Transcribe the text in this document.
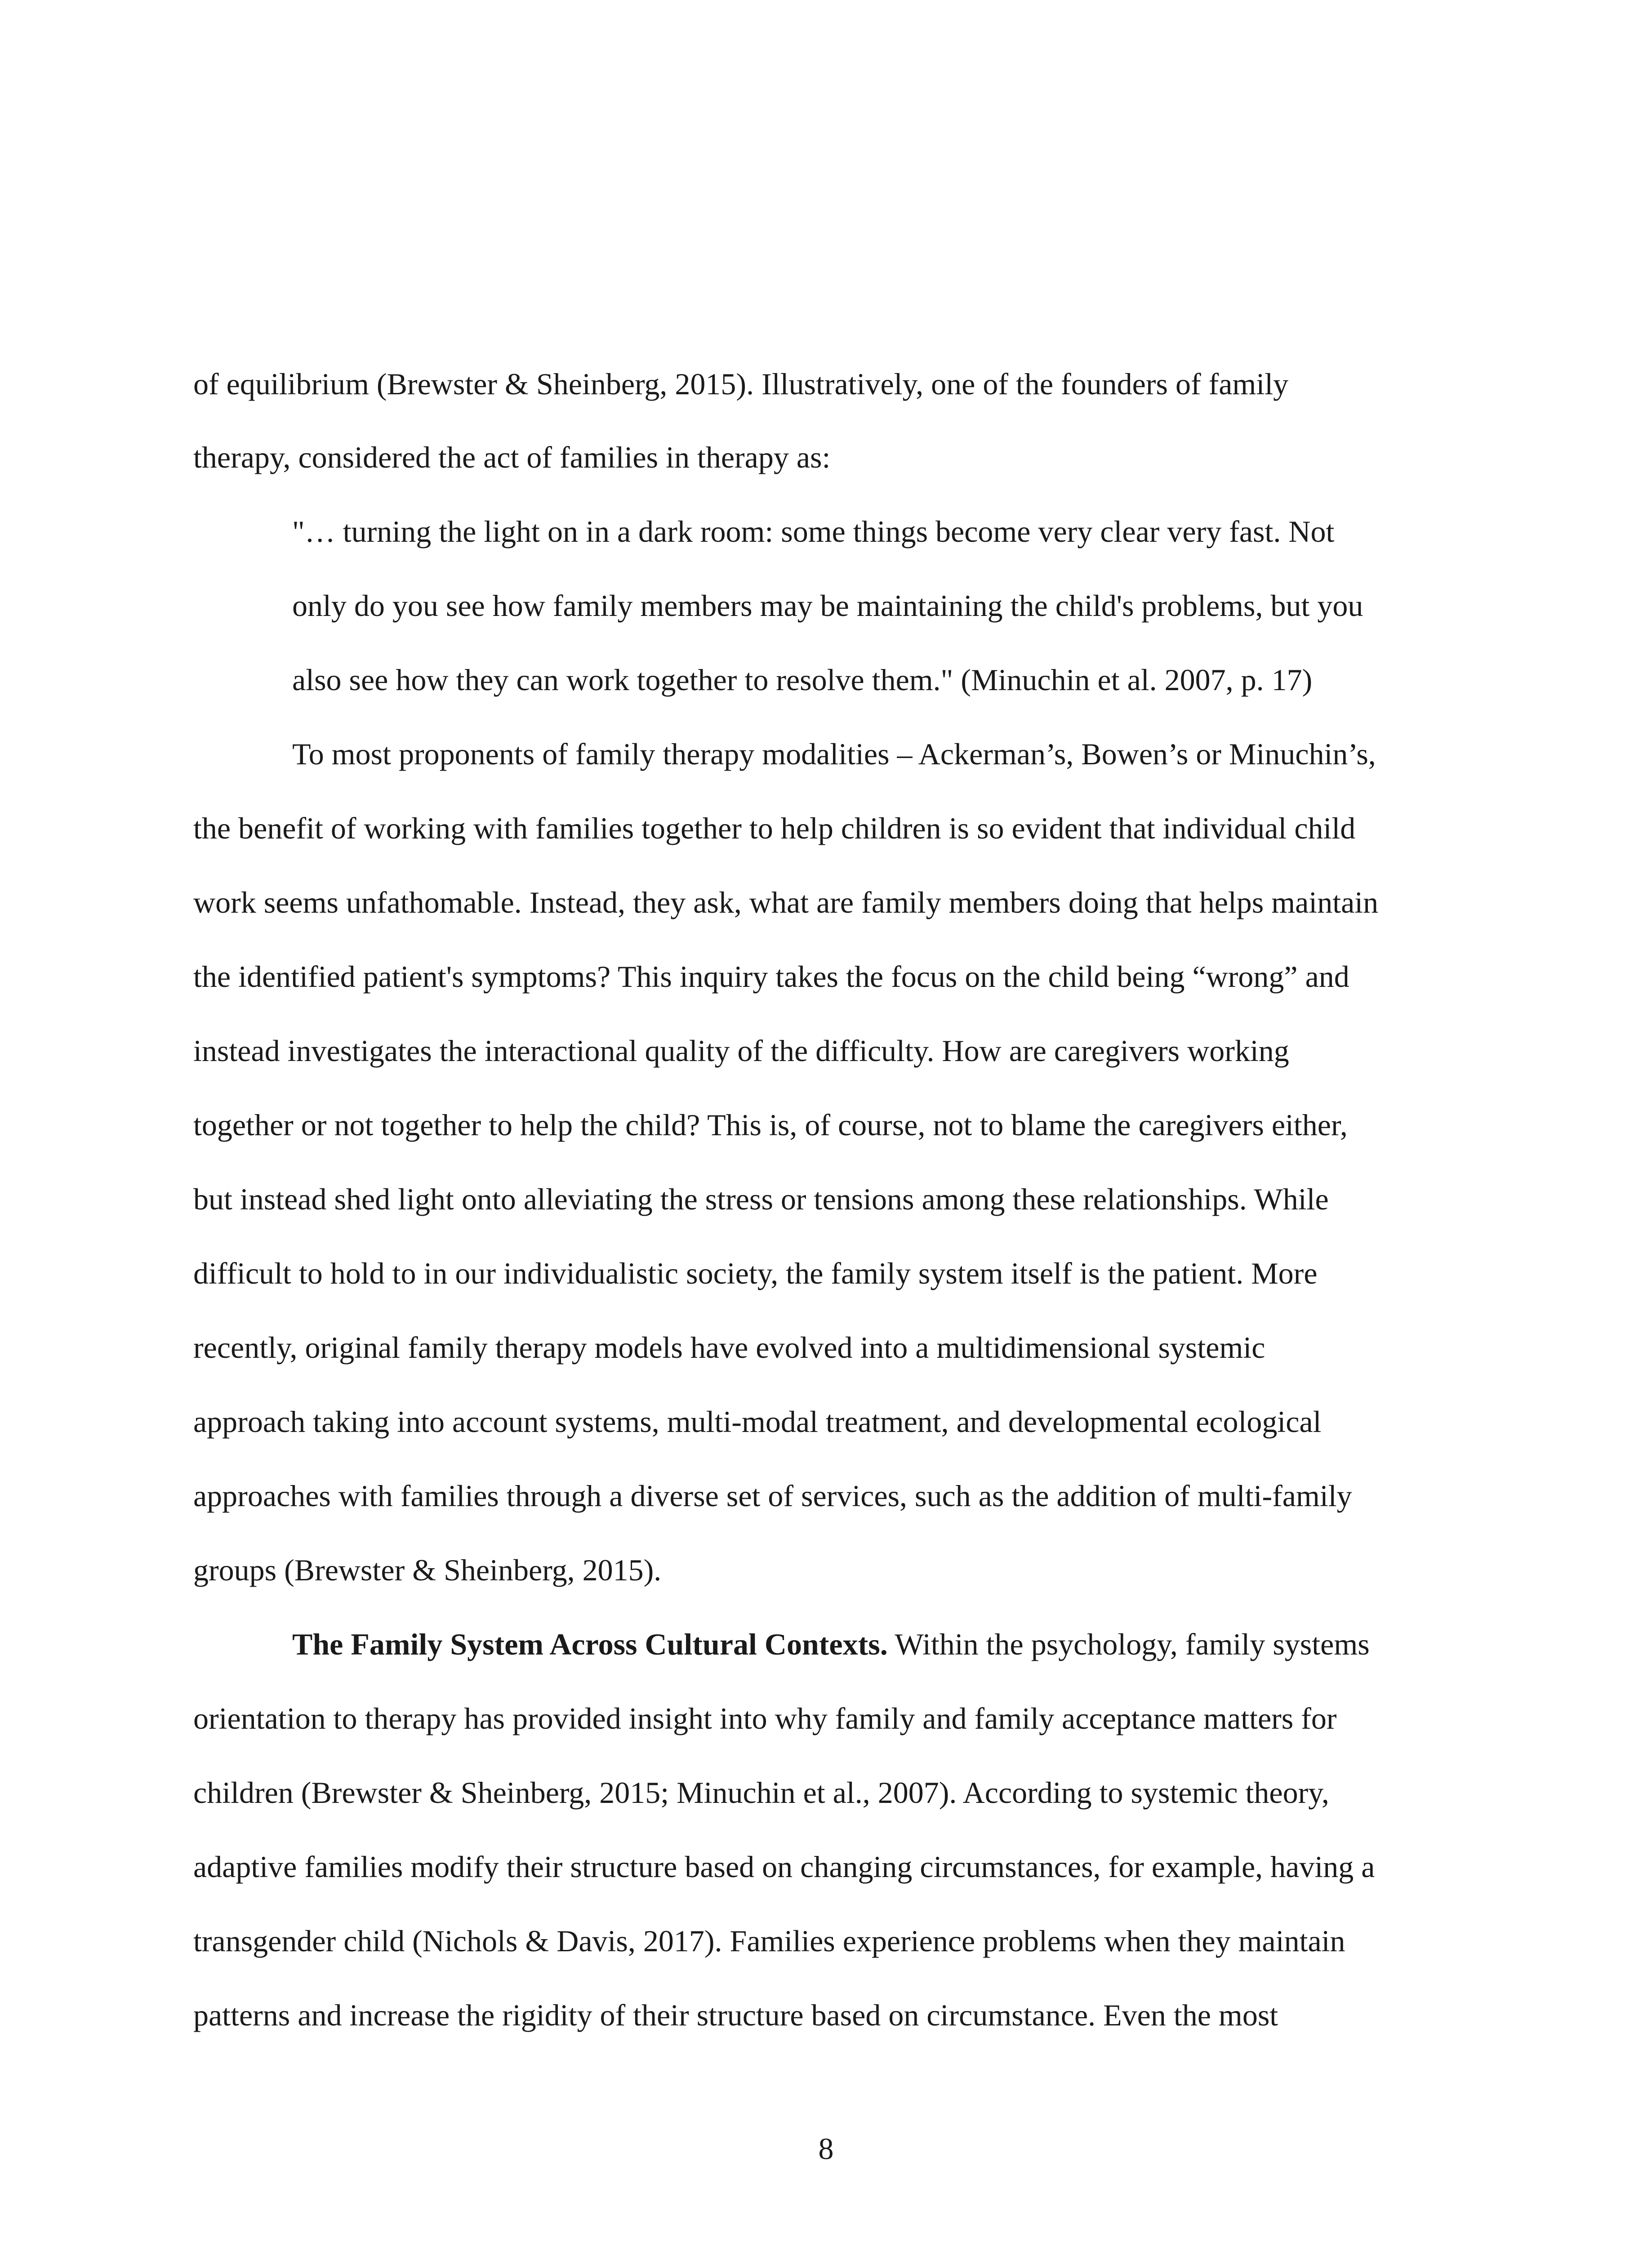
of equilibrium (Brewster & Sheinberg, 2015). Illustratively, one of the founders of family
therapy, considered the act of families in therapy as:
"… turning the light on in a dark room: some things become very clear very fast. Not
only do you see how family members may be maintaining the child's problems, but you
also see how they can work together to resolve them." (Minuchin et al. 2007, p. 17)
To most proponents of family therapy modalities – Ackerman’s, Bowen’s or Minuchin’s,
the benefit of working with families together to help children is so evident that individual child
work seems unfathomable. Instead, they ask, what are family members doing that helps maintain
the identified patient's symptoms? This inquiry takes the focus on the child being “wrong” and
instead investigates the interactional quality of the difficulty. How are caregivers working
together or not together to help the child? This is, of course, not to blame the caregivers either,
but instead shed light onto alleviating the stress or tensions among these relationships. While
difficult to hold to in our individualistic society, the family system itself is the patient. More
recently, original family therapy models have evolved into a multidimensional systemic
approach taking into account systems, multi-modal treatment, and developmental ecological
approaches with families through a diverse set of services, such as the addition of multi-family
groups (Brewster & Sheinberg, 2015).
The Family System Across Cultural Contexts. Within the psychology, family systems
orientation to therapy has provided insight into why family and family acceptance matters for
children (Brewster & Sheinberg, 2015; Minuchin et al., 2007). According to systemic theory,
adaptive families modify their structure based on changing circumstances, for example, having a
transgender child (Nichols & Davis, 2017). Families experience problems when they maintain
patterns and increase the rigidity of their structure based on circumstance. Even the most
8
